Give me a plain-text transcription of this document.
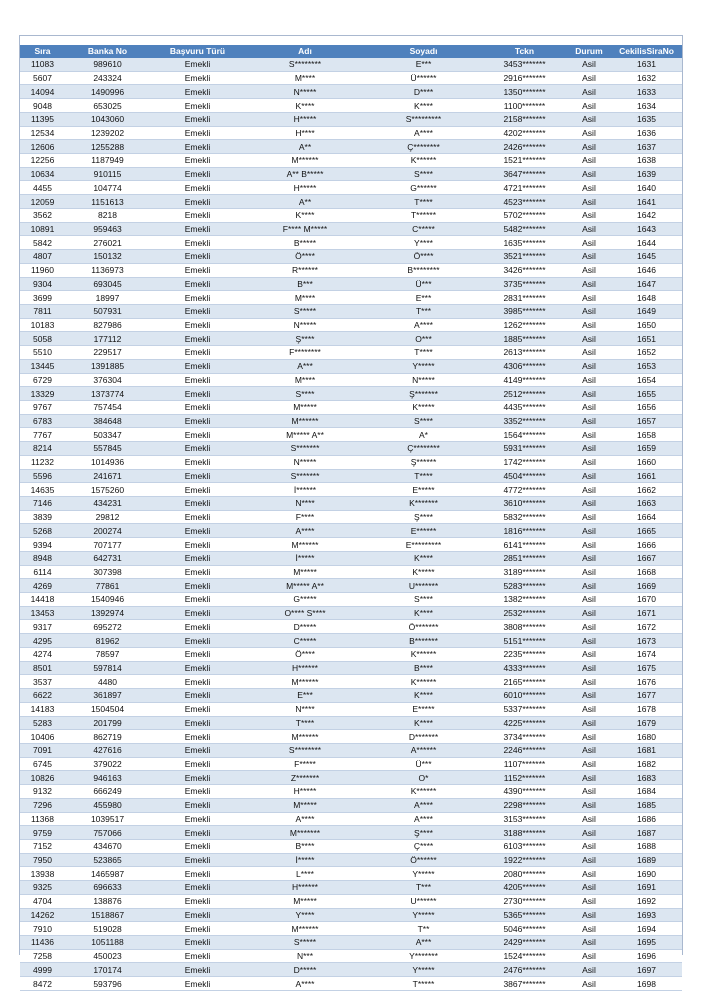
Sıra	Banka No	Başvuru Türü	Adı	Soyadı	Tckn	Durum	CekilisSiraNo
11083	989610	Emekli	S********	E***	3453*******	Asil	1631
5607	243324	Emekli	M****	Ü******	2916*******	Asil	1632
14094	1490996	Emekli	N*****	D****	1350*******	Asil	1633
9048	653025	Emekli	K****	K****	1100*******	Asil	1634
11395	1043060	Emekli	H*****	S*********	2158*******	Asil	1635
12534	1239202	Emekli	H****	A****	4202*******	Asil	1636
12606	1255288	Emekli	A**	Ç********	2426*******	Asil	1637
12256	1187949	Emekli	M******	K******	1521*******	Asil	1638
10634	910115	Emekli	A** B*****	S****	3647*******	Asil	1639
4455	104774	Emekli	H*****	G******	4721*******	Asil	1640
12059	1151613	Emekli	A**	T****	4523*******	Asil	1641
3562	8218	Emekli	K****	T******	5702*******	Asil	1642
10891	959463	Emekli	F**** M*****	C*****	5482*******	Asil	1643
5842	276021	Emekli	B*****	Y****	1635*******	Asil	1644
4807	150132	Emekli	Ö****	Ö****	3521*******	Asil	1645
11960	1136973	Emekli	R******	B********	3426*******	Asil	1646
9304	693045	Emekli	B***	Ü***	3735*******	Asil	1647
3699	18997	Emekli	M****	E***	2831*******	Asil	1648
7811	507931	Emekli	S*****	T***	3985*******	Asil	1649
10183	827986	Emekli	N*****	A****	1262*******	Asil	1650
5058	177112	Emekli	Ş****	O***	1885*******	Asil	1651
5510	229517	Emekli	F********	T****	2613*******	Asil	1652
13445	1391885	Emekli	A***	Y*****	4306*******	Asil	1653
6729	376304	Emekli	M****	N*****	4149*******	Asil	1654
13329	1373774	Emekli	S****	Ş*******	2512*******	Asil	1655
9767	757454	Emekli	M*****	K*****	4435*******	Asil	1656
6783	384648	Emekli	M******	S****	3352*******	Asil	1657
7767	503347	Emekli	M***** A**	A*	1564*******	Asil	1658
8214	557845	Emekli	S*******	Ç********	5931*******	Asil	1659
11232	1014936	Emekli	N*****	Ş******	1742*******	Asil	1660
5596	241671	Emekli	S*******	T****	4504*******	Asil	1661
14635	1575260	Emekli	İ******	E*****	4772*******	Asil	1662
7146	434231	Emekli	N****	K*******	3610*******	Asil	1663
3839	29812	Emekli	F****	Ş****	5832*******	Asil	1664
5268	200274	Emekli	A****	E******	1816*******	Asil	1665
9394	707177	Emekli	M******	E*********	6141*******	Asil	1666
8948	642731	Emekli	İ*****	K****	2851*******	Asil	1667
6114	307398	Emekli	M*****	K*****	3189*******	Asil	1668
4269	77861	Emekli	M***** A**	U*******	5283*******	Asil	1669
14418	1540946	Emekli	G*****	S****	1382*******	Asil	1670
13453	1392974	Emekli	O**** S****	K****	2532*******	Asil	1671
9317	695272	Emekli	D*****	Ö*******	3808*******	Asil	1672
4295	81962	Emekli	C*****	B*******	5151*******	Asil	1673
4274	78597	Emekli	Ö****	K******	2235*******	Asil	1674
8501	597814	Emekli	H******	B****	4333*******	Asil	1675
3537	4480	Emekli	M******	K******	2165*******	Asil	1676
6622	361897	Emekli	E***	K****	6010*******	Asil	1677
14183	1504504	Emekli	N****	E*****	5337*******	Asil	1678
5283	201799	Emekli	T****	K****	4225*******	Asil	1679
10406	862719	Emekli	M******	D*******	3734*******	Asil	1680
7091	427616	Emekli	S********	A******	2246*******	Asil	1681
6745	379022	Emekli	F*****	Ü***	1107*******	Asil	1682
10826	946163	Emekli	Z*******	O*	1152*******	Asil	1683
9132	666249	Emekli	H*****	K******	4390*******	Asil	1684
7296	455980	Emekli	M*****	A****	2298*******	Asil	1685
11368	1039517	Emekli	A****	A****	3153*******	Asil	1686
9759	757066	Emekli	M*******	Ş****	3188*******	Asil	1687
7152	434670	Emekli	B****	Ç****	6103*******	Asil	1688
7950	523865	Emekli	İ*****	Ö******	1922*******	Asil	1689
13938	1465987	Emekli	L****	Y*****	2080*******	Asil	1690
9325	696633	Emekli	H******	T***	4205*******	Asil	1691
4704	138876	Emekli	M*****	U******	2730*******	Asil	1692
14262	1518867	Emekli	Y****	Y*****	5365*******	Asil	1693
7910	519028	Emekli	M******	T**	5046*******	Asil	1694
11436	1051188	Emekli	S*****	A***	2429*******	Asil	1695
7258	450023	Emekli	N***	Y*******	1524*******	Asil	1696
4999	170174	Emekli	D*****	Y*****	2476*******	Asil	1697
8472	593796	Emekli	A****	T*****	3867*******	Asil	1698
